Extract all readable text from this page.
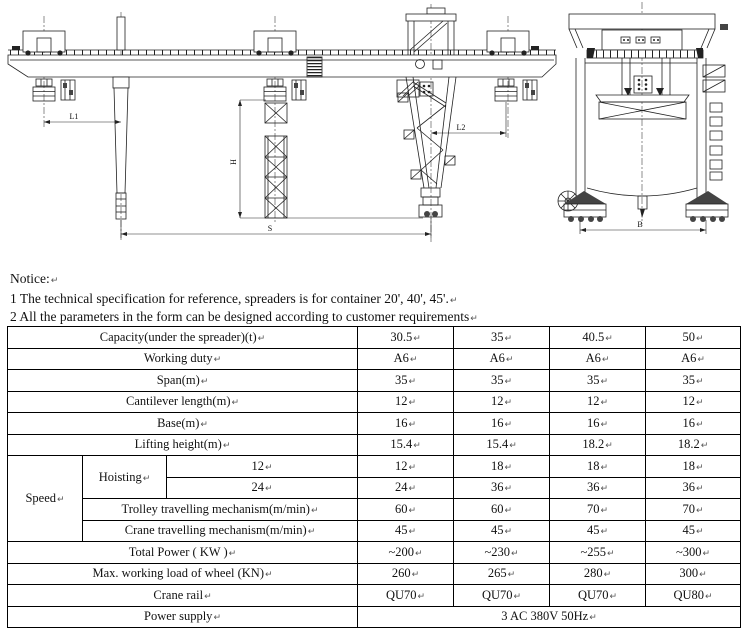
L1
L2
H
S	B
Notice:↵
1 The technical specification for reference, spreaders is for container 20', 40', 45'.↵
2 All the parameters in the form can be designed according to customer requirements↵
Capacity(under the spreader)(t)↵			30.5↵	35↵	40.5↵	50↵
Working duty↵			A6↵	A6↵	A6↵	A6↵
Span(m)↵			35↵	35↵	35↵	35↵
Cantilever length(m)↵			12↵	12↵	12↵	12↵
Base(m)↵			16↵	16↵	16↵	16↵
Lifting height(m)↵			15.4↵	15.4↵	18.2↵	18.2↵
Speed↵	Hoisting↵	12↵	12↵	18↵	18↵	18↵
		24↵	24↵	36↵	36↵	36↵
	Trolley travelling mechanism(m/min)↵		60↵	60↵	70↵	70↵
	Crane travelling mechanism(m/min)↵		45↵	45↵	45↵	45↵
Total Power ( KW )↵			~200↵	~230↵	~255↵	~300↵
Max. working load of wheel (KN)↵			260↵	265↵	280↵	300↵
Crane rail↵			QU70↵	QU70↵	QU70↵	QU80↵
Power supply↵			3 AC 380V 50Hz↵			
